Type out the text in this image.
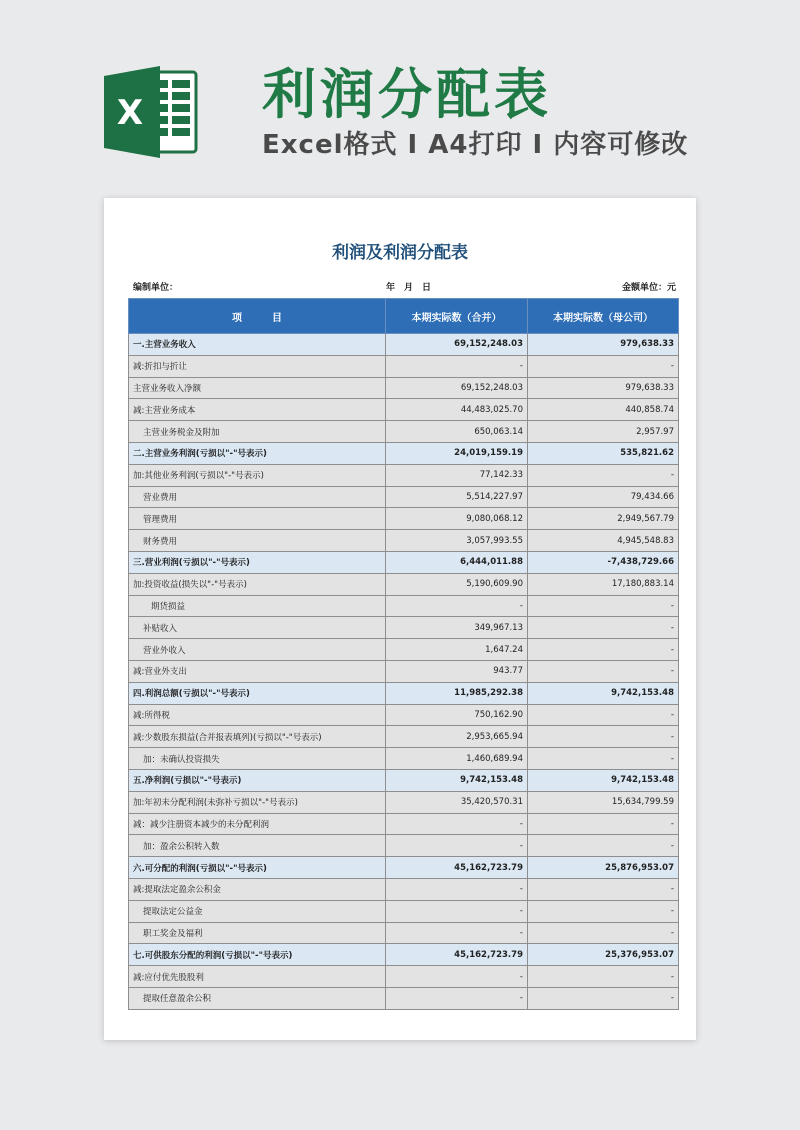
X 利润分配表
Excel格式 Ⅰ A4打印 Ⅰ 内容可修改
利润及利润分配表
编制单位：	年　月　日	金额单位：元
项　　　目	本期实际数（合并）	本期实际数（母公司）
一.主营业务收入	69,152,248.03	979,638.33
减:折扣与折让	-	-
主营业务收入净额	69,152,248.03	979,638.33
减:主营业务成本	44,483,025.70	440,858.74
主营业务税金及附加	650,063.14	2,957.97
二.主营业务利润(亏损以"-"号表示)	24,019,159.19	535,821.62
加:其他业务利润(亏损以"-"号表示)	77,142.33	-
营业费用	5,514,227.97	79,434.66
管理费用	9,080,068.12	2,949,567.79
财务费用	3,057,993.55	4,945,548.83
三.营业利润(亏损以"-"号表示)	6,444,011.88	-7,438,729.66
加:投资收益(损失以"-"号表示)	5,190,609.90	17,180,883.14
期货损益	-	-
补贴收入	349,967.13	-
营业外收入	1,647.24	-
减:营业外支出	943.77	-
四.利润总额(亏损以"-"号表示)	11,985,292.38	9,742,153.48
减:所得税	750,162.90	-
减:少数股东损益(合并报表填列)(亏损以"-"号表示)	2,953,665.94	-
加：未确认投资损失	1,460,689.94	-
五.净利润(亏损以"-"号表示)	9,742,153.48	9,742,153.48
加:年初未分配利润(未弥补亏损以"-"号表示)	35,420,570.31	15,634,799.59
减：减少注册资本减少的未分配利润	-	-
加：盈余公积转入数	-	-
六.可分配的利润(亏损以"-"号表示)	45,162,723.79	25,876,953.07
减:提取法定盈余公积金	-	-
提取法定公益金	-	-
职工奖金及福利	-	-
七.可供股东分配的利润(亏损以"-"号表示)	45,162,723.79	25,376,953.07
减:应付优先股股利	-	-
提取任意盈余公积	-	-
